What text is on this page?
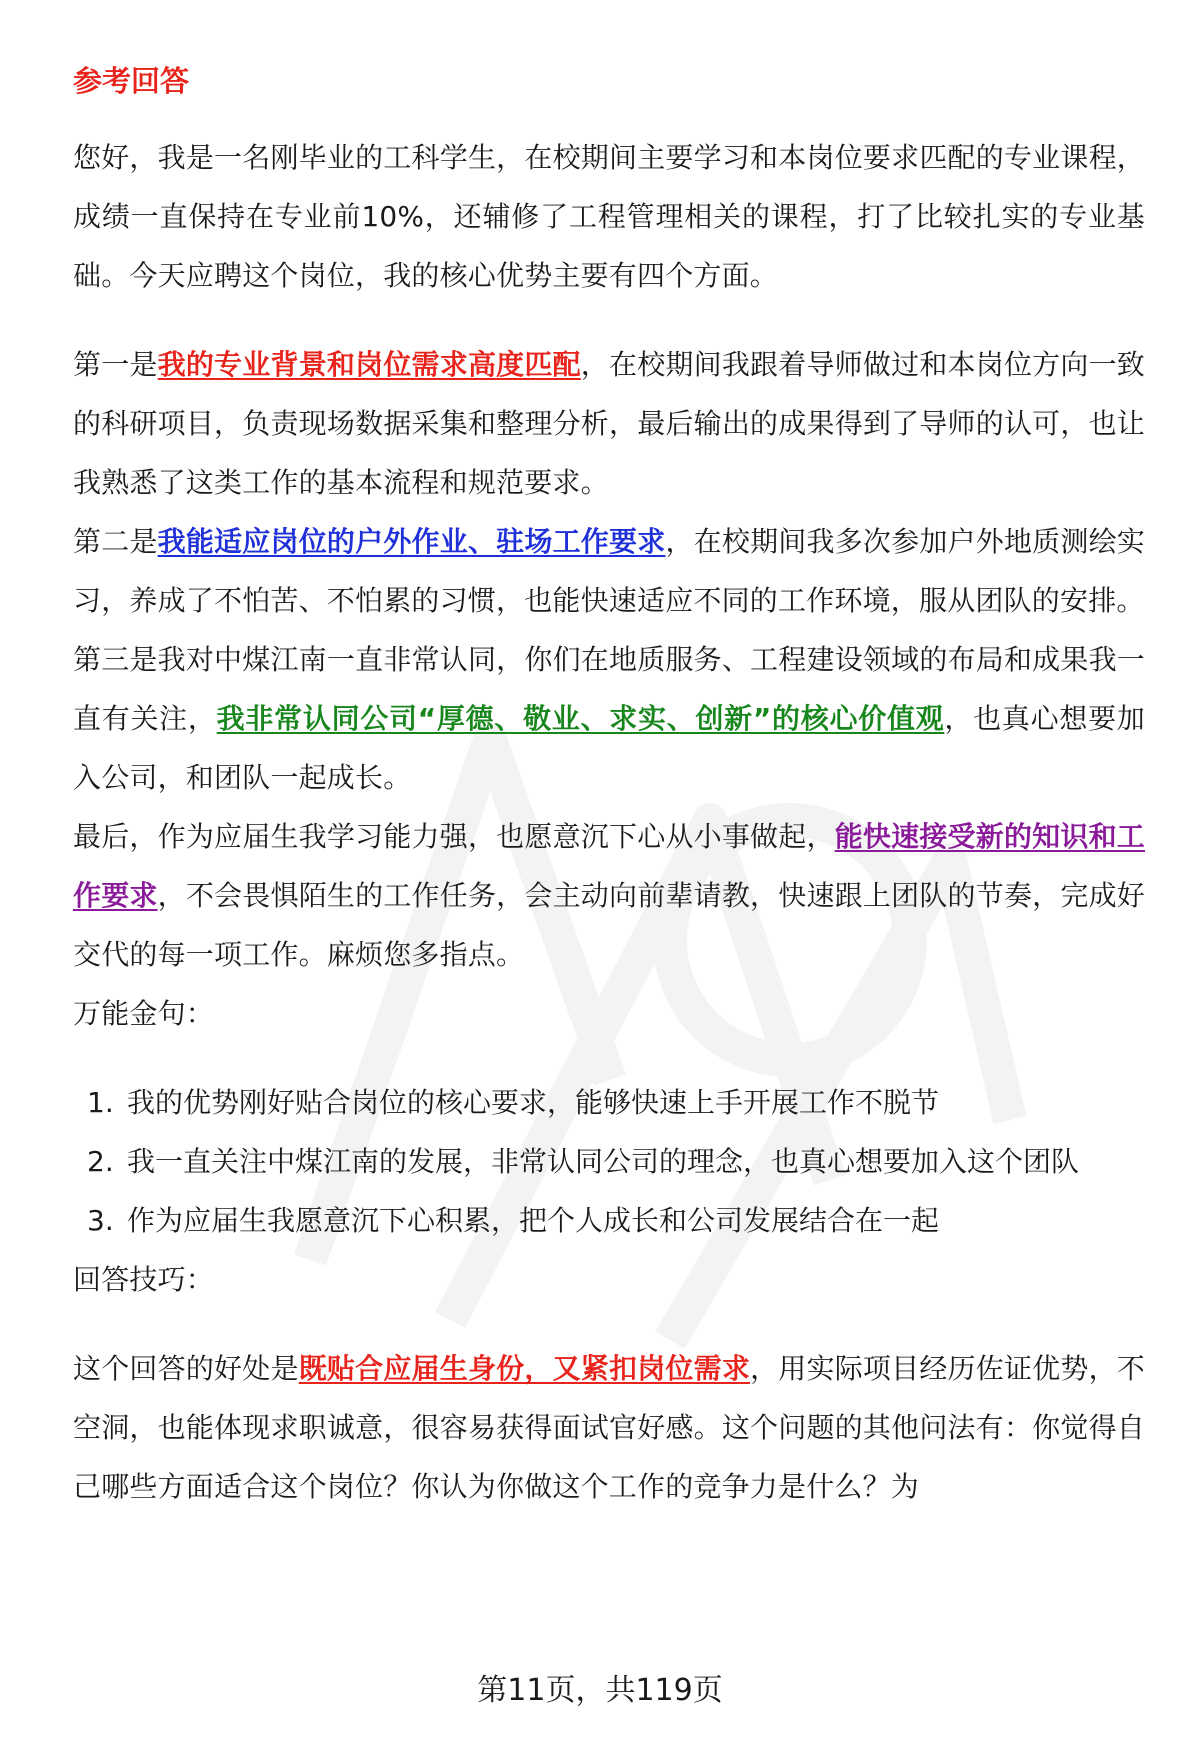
参考回答

您好，我是一名刚毕业的工科学生，在校期间主要学习和本岗位要求匹配的专业课程，成绩一直保持在专业前10%，还辅修了工程管理相关的课程，打了比较扎实的专业基础。今天应聘这个岗位，我的核心优势主要有四个方面。

第一是我的专业背景和岗位需求高度匹配，在校期间我跟着导师做过和本岗位方向一致的科研项目，负责现场数据采集和整理分析，最后输出的成果得到了导师的认可，也让我熟悉了这类工作的基本流程和规范要求。

第二是我能适应岗位的户外作业、驻场工作要求，在校期间我多次参加户外地质测绘实习，养成了不怕苦、不怕累的习惯，也能快速适应不同的工作环境，服从团队的安排。

第三是我对中煤江南一直非常认同，你们在地质服务、工程建设领域的布局和成果我一直有关注，我非常认同公司“厚德、敬业、求实、创新”的核心价值观，也真心想要加入公司，和团队一起成长。

最后，作为应届生我学习能力强，也愿意沉下心从小事做起，能快速接受新的知识和工作要求，不会畏惧陌生的工作任务，会主动向前辈请教，快速跟上团队的节奏，完成好交代的每一项工作。麻烦您多指点。

万能金句：

1. 我的优势刚好贴合岗位的核心要求，能够快速上手开展工作不脱节
2. 我一直关注中煤江南的发展，非常认同公司的理念，也真心想要加入这个团队
3. 作为应届生我愿意沉下心积累，把个人成长和公司发展结合在一起

回答技巧：

这个回答的好处是既贴合应届生身份，又紧扣岗位需求，用实际项目经历佐证优势，不空洞，也能体现求职诚意，很容易获得面试官好感。这个问题的其他问法有：你觉得自己哪些方面适合这个岗位？你认为你做这个工作的竞争力是什么？为

第11页，共119页
